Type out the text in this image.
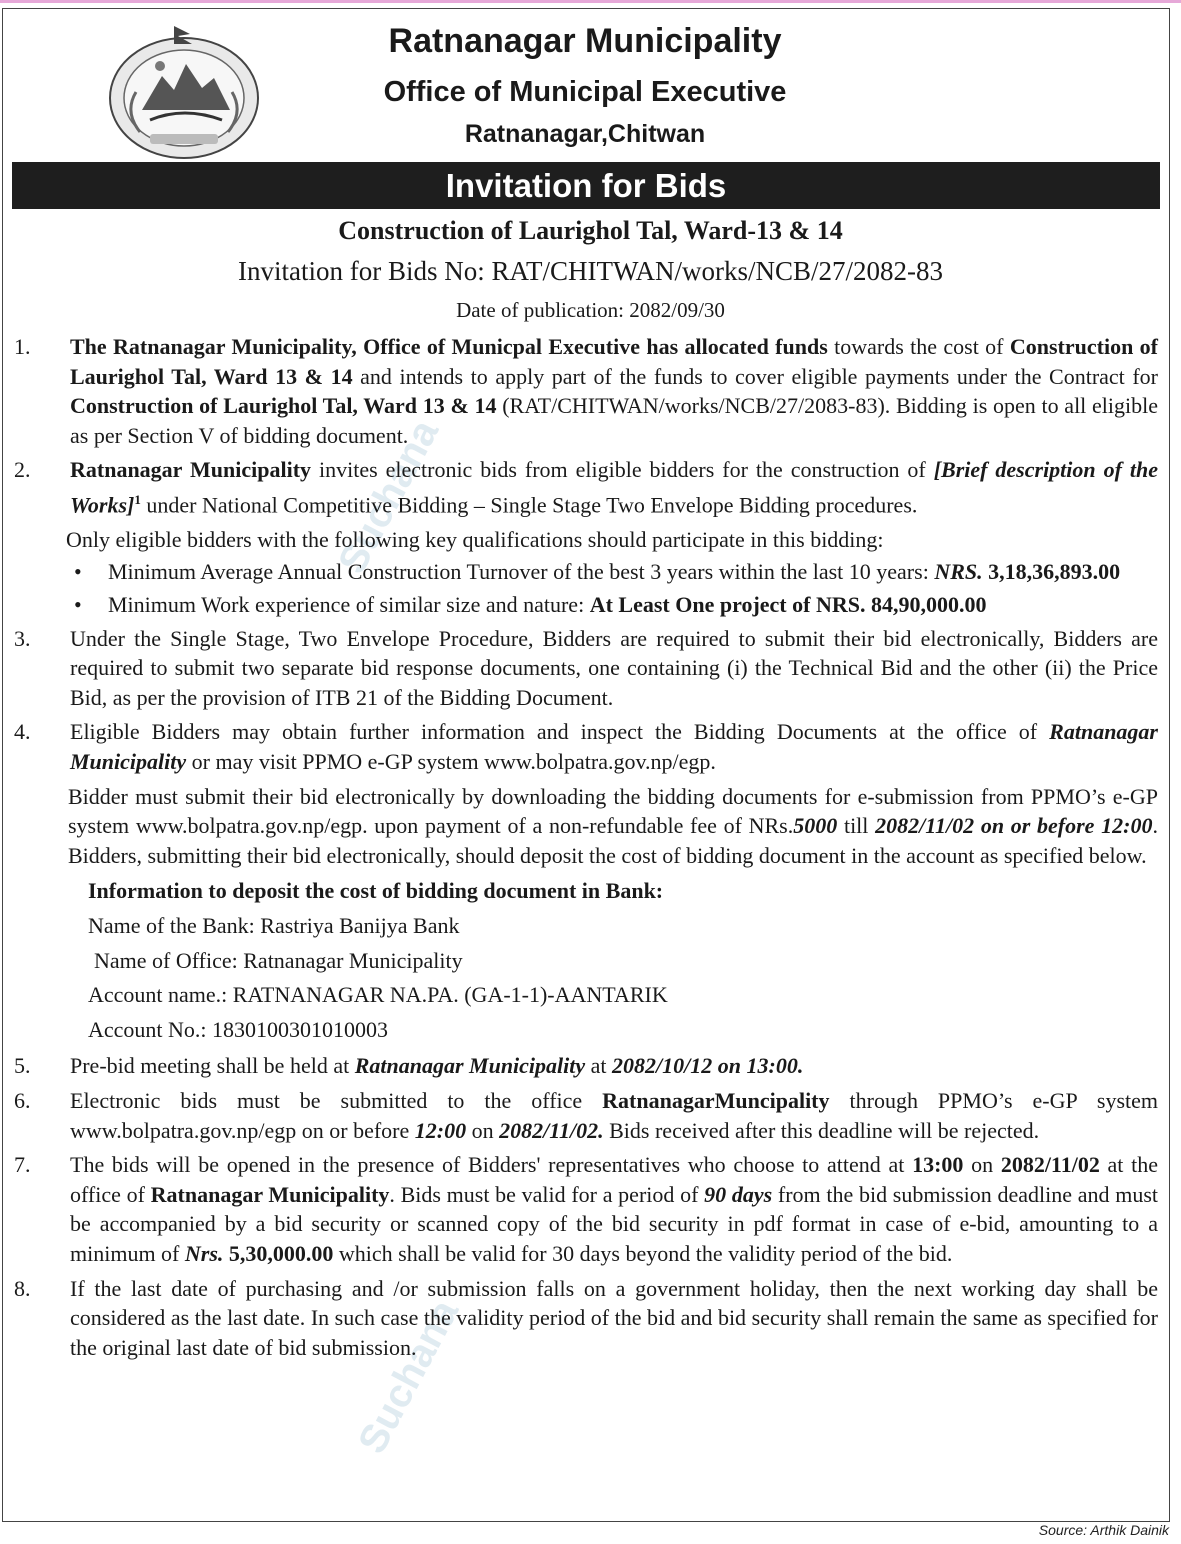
Suchana
Suchana
Ratnanagar Municipality
Office of Municipal Executive
Ratnanagar,Chitwan
Invitation for Bids
Construction of Laurighol Tal, Ward-13 & 14
Invitation for Bids No: RAT/CHITWAN/works/NCB/27/2082-83
Date of publication: 2082/09/30
1.	The Ratnanagar Municipality, Office of Municpal Executive has allocated funds towards the cost of Construction of Laurighol Tal, Ward 13 & 14 and intends to apply part of the funds to cover eligible payments under the Contract for Construction of Laurighol Tal, Ward 13 & 14 (RAT/CHITWAN/works/NCB/27/2083-83). Bidding is open to all eligible as per Section V of bidding document.

2.	Ratnanagar Municipality invites electronic bids from eligible bidders for the construction of [Brief description of the Works]$^1$ under National Competitive Bidding – Single Stage Two Envelope Bidding procedures.

Only eligible bidders with the following key qualifications should participate in this bidding:

• Minimum Average Annual Construction Turnover of the best 3 years within the last 10 years: NRS. 3,18,36,893.00
• Minimum Work experience of similar size and nature: At Least One project of NRS. 84,90,000.00
3.	Under the Single Stage, Two Envelope Procedure, Bidders are required to submit their bid electronically, Bidders are required to submit two separate bid response documents, one containing (i) the Technical Bid and the other (ii) the Price Bid, as per the provision of ITB 21 of the Bidding Document.

4.	Eligible Bidders may obtain further information and inspect the Bidding Documents at the office of Ratnanagar Municipality or may visit PPMO e-GP system www.bolpatra.gov.np/egp.

Bidder must submit their bid electronically by downloading the bidding documents for e-submission from PPMO’s e-GP system www.bolpatra.gov.np/egp. upon payment of a non-refundable fee of NRs.5000 till 2082/11/02 on or before 12:00. Bidders, submitting their bid electronically, should deposit the cost of bidding document in the account as specified below.

Information to deposit the cost of bidding document in Bank:
Name of the Bank: Rastriya Banijya Bank
Name of Office: Ratnanagar Municipality
Account name.: RATNANAGAR NA.PA. (GA-1-1)-AANTARIK
Account No.: 1830100301010003
5.	Pre-bid meeting shall be held at Ratnanagar Municipality at 2082/10/12 on 13:00.

6.	Electronic bids must be submitted to the office RatnanagarMuncipality through PPMO’s e-GP system www.bolpatra.gov.np/egp on or before 12:00 on 2082/11/02. Bids received after this deadline will be rejected.

7.	The bids will be opened in the presence of Bidders' representatives who choose to attend at 13:00 on 2082/11/02 at the office of Ratnanagar Municipality. Bids must be valid for a period of 90 days from the bid submission deadline and must be accompanied by a bid security or scanned copy of the bid security in pdf format in case of e-bid, amounting to a minimum of Nrs. 5,30,000.00 which shall be valid for 30 days beyond the validity period of the bid.

8.	If the last date of purchasing and /or submission falls on a government holiday, then the next working day shall be considered as the last date. In such case the validity period of the bid and bid security shall remain the same as specified for the original last date of bid submission.

Source: Arthik Dainik
